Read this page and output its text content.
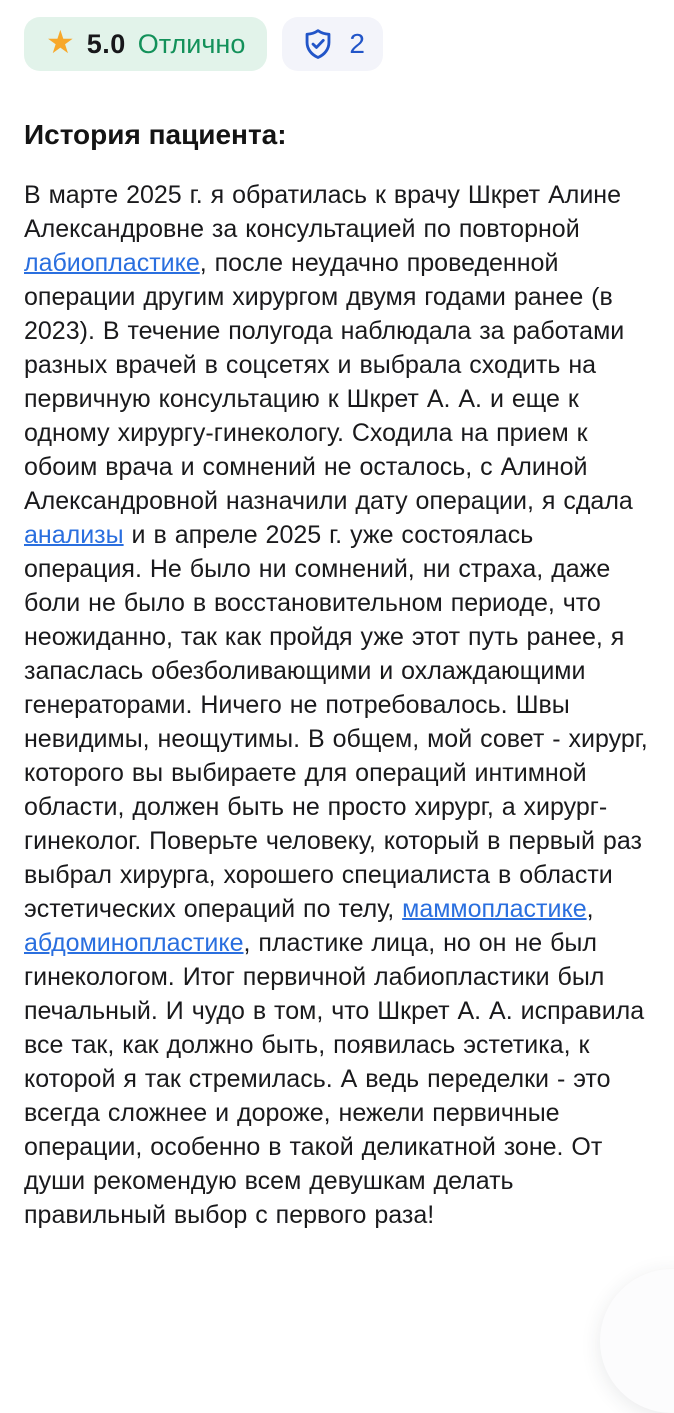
★ 5.0 Отлично	2
История пациента:

В марте 2025 г. я обратилась к врачу Шкрет Алине Александровне за консультацией по повторной лабиопластике, после неудачно проведенной операции другим хирургом двумя годами ранее (в 2023). В течение полугода наблюдала за работами разных врачей в соцсетях и выбрала сходить на первичную консультацию к Шкрет А. А. и еще к одному хирургу-гинекологу. Сходила на прием к обоим врача и сомнений не осталось, с Алиной Александровной назначили дату операции, я сдала анализы и в апреле 2025 г. уже состоялась операция. Не было ни сомнений, ни страха, даже боли не было в восстановительном периоде, что неожиданно, так как пройдя уже этот путь ранее, я запаслась обезболивающими и охлаждающими генераторами. Ничего не потребовалось. Швы невидимы, неощутимы. В общем, мой совет - хирург, которого вы выбираете для операций интимной области, должен быть не просто хирург, а хирург-гинеколог. Поверьте человеку, который в первый раз выбрал хирурга, хорошего специалиста в области эстетических операций по телу, маммопластике, абдоминопластике, пластике лица, но он не был гинекологом. Итог первичной лабиопластики был печальный. И чудо в том, что Шкрет А. А. исправила все так, как должно быть, появилась эстетика, к которой я так стремилась. А ведь переделки - это всегда сложнее и дороже, нежели первичные операции, особенно в такой деликатной зоне. От души рекомендую всем девушкам делать правильный выбор с первого раза!
